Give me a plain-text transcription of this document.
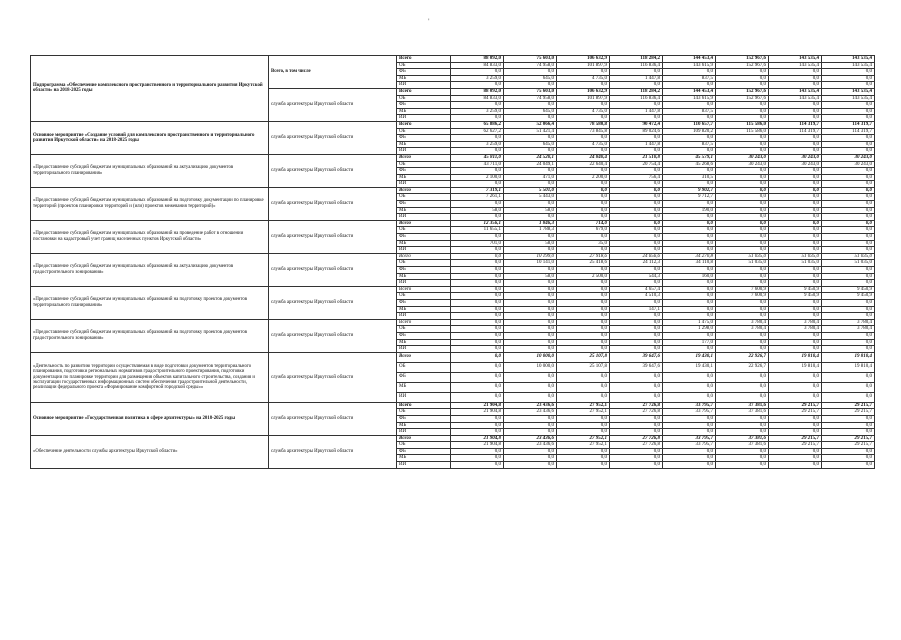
'
Подпрограмма «Обеспечение комплексного пространственного и территориального развития Иркутской области» на 2018-2025 годы	Всего, в том числе	Всего	88 092,0	75 603,0	106 632,9	118 284,2	144 453,4	152 967,6	143 535,4	143 535,4
		ОБ	84 833,0	74 958,0	101 897,9	116 836,4	143 615,9	152 967,6	143 535,4	143 535,4
		ФБ	0,0	0,0	0,0	0,0	0,0	0,0	0,0	0,0
		МБ	3 259,0	645,0	4 735,0	1 447,8	837,5	0,0	0,0	0,0
		ИИ	0,0	0,0	0,0	0,0	0,0	0,0	0,0	0,0
	служба архитектуры Иркутской области	Всего	88 092,0	75 603,0	106 632,9	118 284,2	144 453,4	152 967,6	143 535,4	143 535,4
		ОБ	84 833,0	74 958,0	101 897,9	116 836,4	143 615,9	152 967,6	143 535,4	143 535,4
		ФБ	0,0	0,0	0,0	0,0	0,0	0,0	0,0	0,0
		МБ	3 259,0	645,0	4 735,0	1 447,8	837,5	0,0	0,0	0,0
		ИИ	0,0	0,0	0,0	0,0	0,0	0,0	0,0	0,0
Основное мероприятие «Создание условий для комплексного пространственного и территориального развития Иркутской области» на 2018-2025 годы	служба архитектуры Иркутской области	Всего	65 886,2	52 066,4	78 580,8	90 472,4	110 657,7	115 586,0	114 319,7	114 319,7
		ОБ	62 627,2	51 421,4	73 845,8	89 024,6	109 820,2	115 586,0	114 319,7	114 319,7
		ФБ	0,0	0,0	0,0	0,0	0,0	0,0	0,0	0,0
		МБ	3 259,0	645,0	4 735,0	1 447,8	837,5	0,0	0,0	0,0
		ИИ	0,0	0,0	0,0	0,0	0,0	0,0	0,0	0,0
«Предоставление субсидий бюджетам муниципальных образований на актуализацию документов территориального планирования»	служба архитектуры Иркутской области	Всего	45 811,0	24 520,1	24 840,4	21 510,8	45 579,1	30 243,0	30 243,0	30 243,0
		ОБ	43 711,0	24 049,1	22 640,4	20 754,4	45 268,6	30 243,0	30 243,0	30 243,0
		ФБ	0,0	0,0	0,0	0,0	0,0	0,0	0,0	0,0
		МБ	2 100,0	471,0	2 200,0	756,4	310,5	0,0	0,0	0,0
		ИИ	0,0	0,0	0,0	0,0	0,0	0,0	0,0	0,0
«Предоставление субсидий бюджетам муниципальных образований на подготовку документации по планировке территорий (проектов планировки территорий и (или) проектов межевания территорий)»	служба архитектуры Иркутской области	Всего	7 319,1	5 501,0	0,0	0,0	9 902,7	0,0	0,0	0,0
		ОБ	7 261,1	5 443,0	0,0	0,0	9 712,7	0,0	0,0	0,0
		ФБ	0,0	0,0	0,0	0,0	0,0	0,0	0,0	0,0
		МБ	58,0	58,0	0,0	0,0	190,0	0,0	0,0	0,0
		ИИ	0,0	0,0	0,0	0,0	0,0	0,0	0,0	0,0
«Предоставление субсидий бюджетам муниципальных образований на проведение работ в отношении постановки на кадастровый учет границ населенных пунктов Иркутской области»	служба архитектуры Иркутской области	Всего	12 356,1	1 846,3	714,0	0,0	0,0	0,0	0,0	0,0
		ОБ	11 655,1	1 788,3	679,0	0,0	0,0	0,0	0,0	0,0
		ФБ	0,0	0,0	0,0	0,0	0,0	0,0	0,0	0,0
		МБ	701,0	58,0	35,0	0,0	0,0	0,0	0,0	0,0
		ИИ	0,0	0,0	0,0	0,0	0,0	0,0	0,0	0,0
«Предоставление субсидий бюджетам муниципальных образований на актуализацию документов градостроительного зонирования»	служба архитектуры Иркутской области	Всего	0,0	10 199,0	27 918,6	24 656,6	34 270,8	51 035,0	51 035,0	51 035,0
		ОБ	0,0	10 141,0	25 418,6	24 112,3	34 110,8	51 035,0	51 035,0	51 035,0
		ФБ	0,0	0,0	0,0	0,0	0,0	0,0	0,0	0,0
		МБ	0,0	58,0	2 500,0	544,3	160,0	0,0	0,0	0,0
		ИИ	0,0	0,0	0,0	0,0	0,0	0,0	0,0	0,0
«Предоставление субсидий бюджетам муниципальных образований на подготовку проектов документов территориального планирования»	служба архитектуры Иркутской области	Всего	0,0	0,0	0,0	4 657,4	0,0	7 600,9	9 450,9	9 450,9
		ОБ	0,0	0,0	0,0	4 510,3	0,0	7 600,9	9 450,9	9 450,9
		ФБ	0,0	0,0	0,0	0,0	0,0	0,0	0,0	0,0
		МБ	0,0	0,0	0,0	147,1	0,0	0,0	0,0	0,0
		ИИ	0,0	0,0	0,0	0,0	0,0	0,0	0,0	0,0
«Предоставление субсидий бюджетам муниципальных образований на подготовку проектов документов градостроительного зонирования»	служба архитектуры Иркутской области	Всего	0,0	0,0	0,0	0,0	1 475,0	3 780,4	3 780,4	3 780,4
		ОБ	0,0	0,0	0,0	0,0	1 298,0	3 780,4	3 780,4	3 780,4
		ФБ	0,0	0,0	0,0	0,0	0,0	0,0	0,0	0,0
		МБ	0,0	0,0	0,0	0,0	177,0	0,0	0,0	0,0
		ИИ	0,0	0,0	0,0	0,0	0,0	0,0	0,0	0,0
«Деятельность по развитию территории осуществляемая в виде подготовки документов территориального планирования, подготовки региональных нормативов градостроительного проектирования, подготовки документации по планировке территории для размещения объектов капитального строительства, создания и эксплуатации государственных информационных систем обеспечения градостроительной деятельности, реализации федерального проекта «Формирование комфортной городской среды»»	служба архитектуры Иркутской области	Всего	0,0	10 000,0	25 107,8	39 647,6	19 430,1	22 926,7	19 810,4	19 810,4
		ОБ	0,0	10 000,0	25 107,8	39 647,6	19 430,1	22 926,7	19 810,4	19 810,4
		ФБ	0,0	0,0	0,0	0,0	0,0	0,0	0,0	0,0
		МБ	0,0	0,0	0,0	0,0	0,0	0,0	0,0	0,0
		ИИ	0,0	0,0	0,0	0,0	0,0	0,0	0,0	0,0
Основное мероприятие «Государственная политика в сфере архитектуры» на 2018-2025 годы	служба архитектуры Иркутской области	Всего	21 904,8	23 436,6	27 952,1	27 726,8	33 795,7	37 381,6	29 215,7	29 215,7
		ОБ	21 904,8	23 436,6	27 952,1	27 726,8	33 795,7	37 381,6	29 215,7	29 215,7
		ФБ	0,0	0,0	0,0	0,0	0,0	0,0	0,0	0,0
		МБ	0,0	0,0	0,0	0,0	0,0	0,0	0,0	0,0
		ИИ	0,0	0,0	0,0	0,0	0,0	0,0	0,0	0,0
«Обеспечение деятельности службы архитектуры Иркутской области»	служба архитектуры Иркутской области	Всего	21 904,8	23 436,6	27 952,1	27 726,8	33 795,7	37 381,6	29 215,7	29 215,7
		ОБ	21 904,8	23 436,6	27 952,1	27 726,8	33 795,7	37 381,6	29 215,7	29 215,7
		ФБ	0,0	0,0	0,0	0,0	0,0	0,0	0,0	0,0
		МБ	0,0	0,0	0,0	0,0	0,0	0,0	0,0	0,0
		ИИ	0,0	0,0	0,0	0,0	0,0	0,0	0,0	0,0
